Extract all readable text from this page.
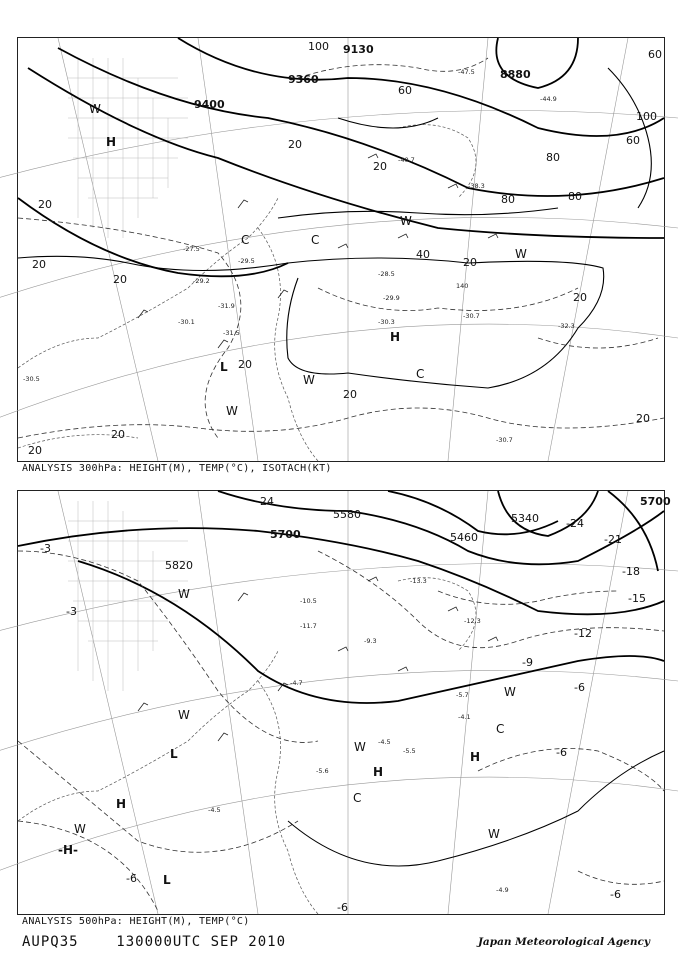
9360
9130
9400
8880
100
20
20
20
20
20
20
20
20
20
20
20
20
40
60
80
80	80
100
60
60
-30.5
-31.9
-30.3
-30.7
-32.3
-29.9
-28.5
-27.5
-29.5
-31.5
-30.1
-29.2
-38.3
-40.7
-44.9
-47.5
-30.7
H
H
L
C	C
C
W
W
W
W
W
140
ANALYSIS 300hPa: HEIGHT(M), TEMP(°C), ISOTACH(KT)
5700
5580
5460
5340
5820
5700
-3
-3
-6
-6
-6
-6
-6
-9
-12
-15
-18
-21
-24
-24
-4.5
-5.5
-4.9
-4.1
-5.7
-4.7
-10.5
-11.7
-12.3
-13.3
-9.3
-4.5
-5.6
H
H
H
-H-
L
L
C
C
W
W
W
W
W
W
ANALYSIS 500hPa: HEIGHT(M), TEMP(°C)
AUPQ35	130000UTC SEP 2010	Japan Meteorological Agency
